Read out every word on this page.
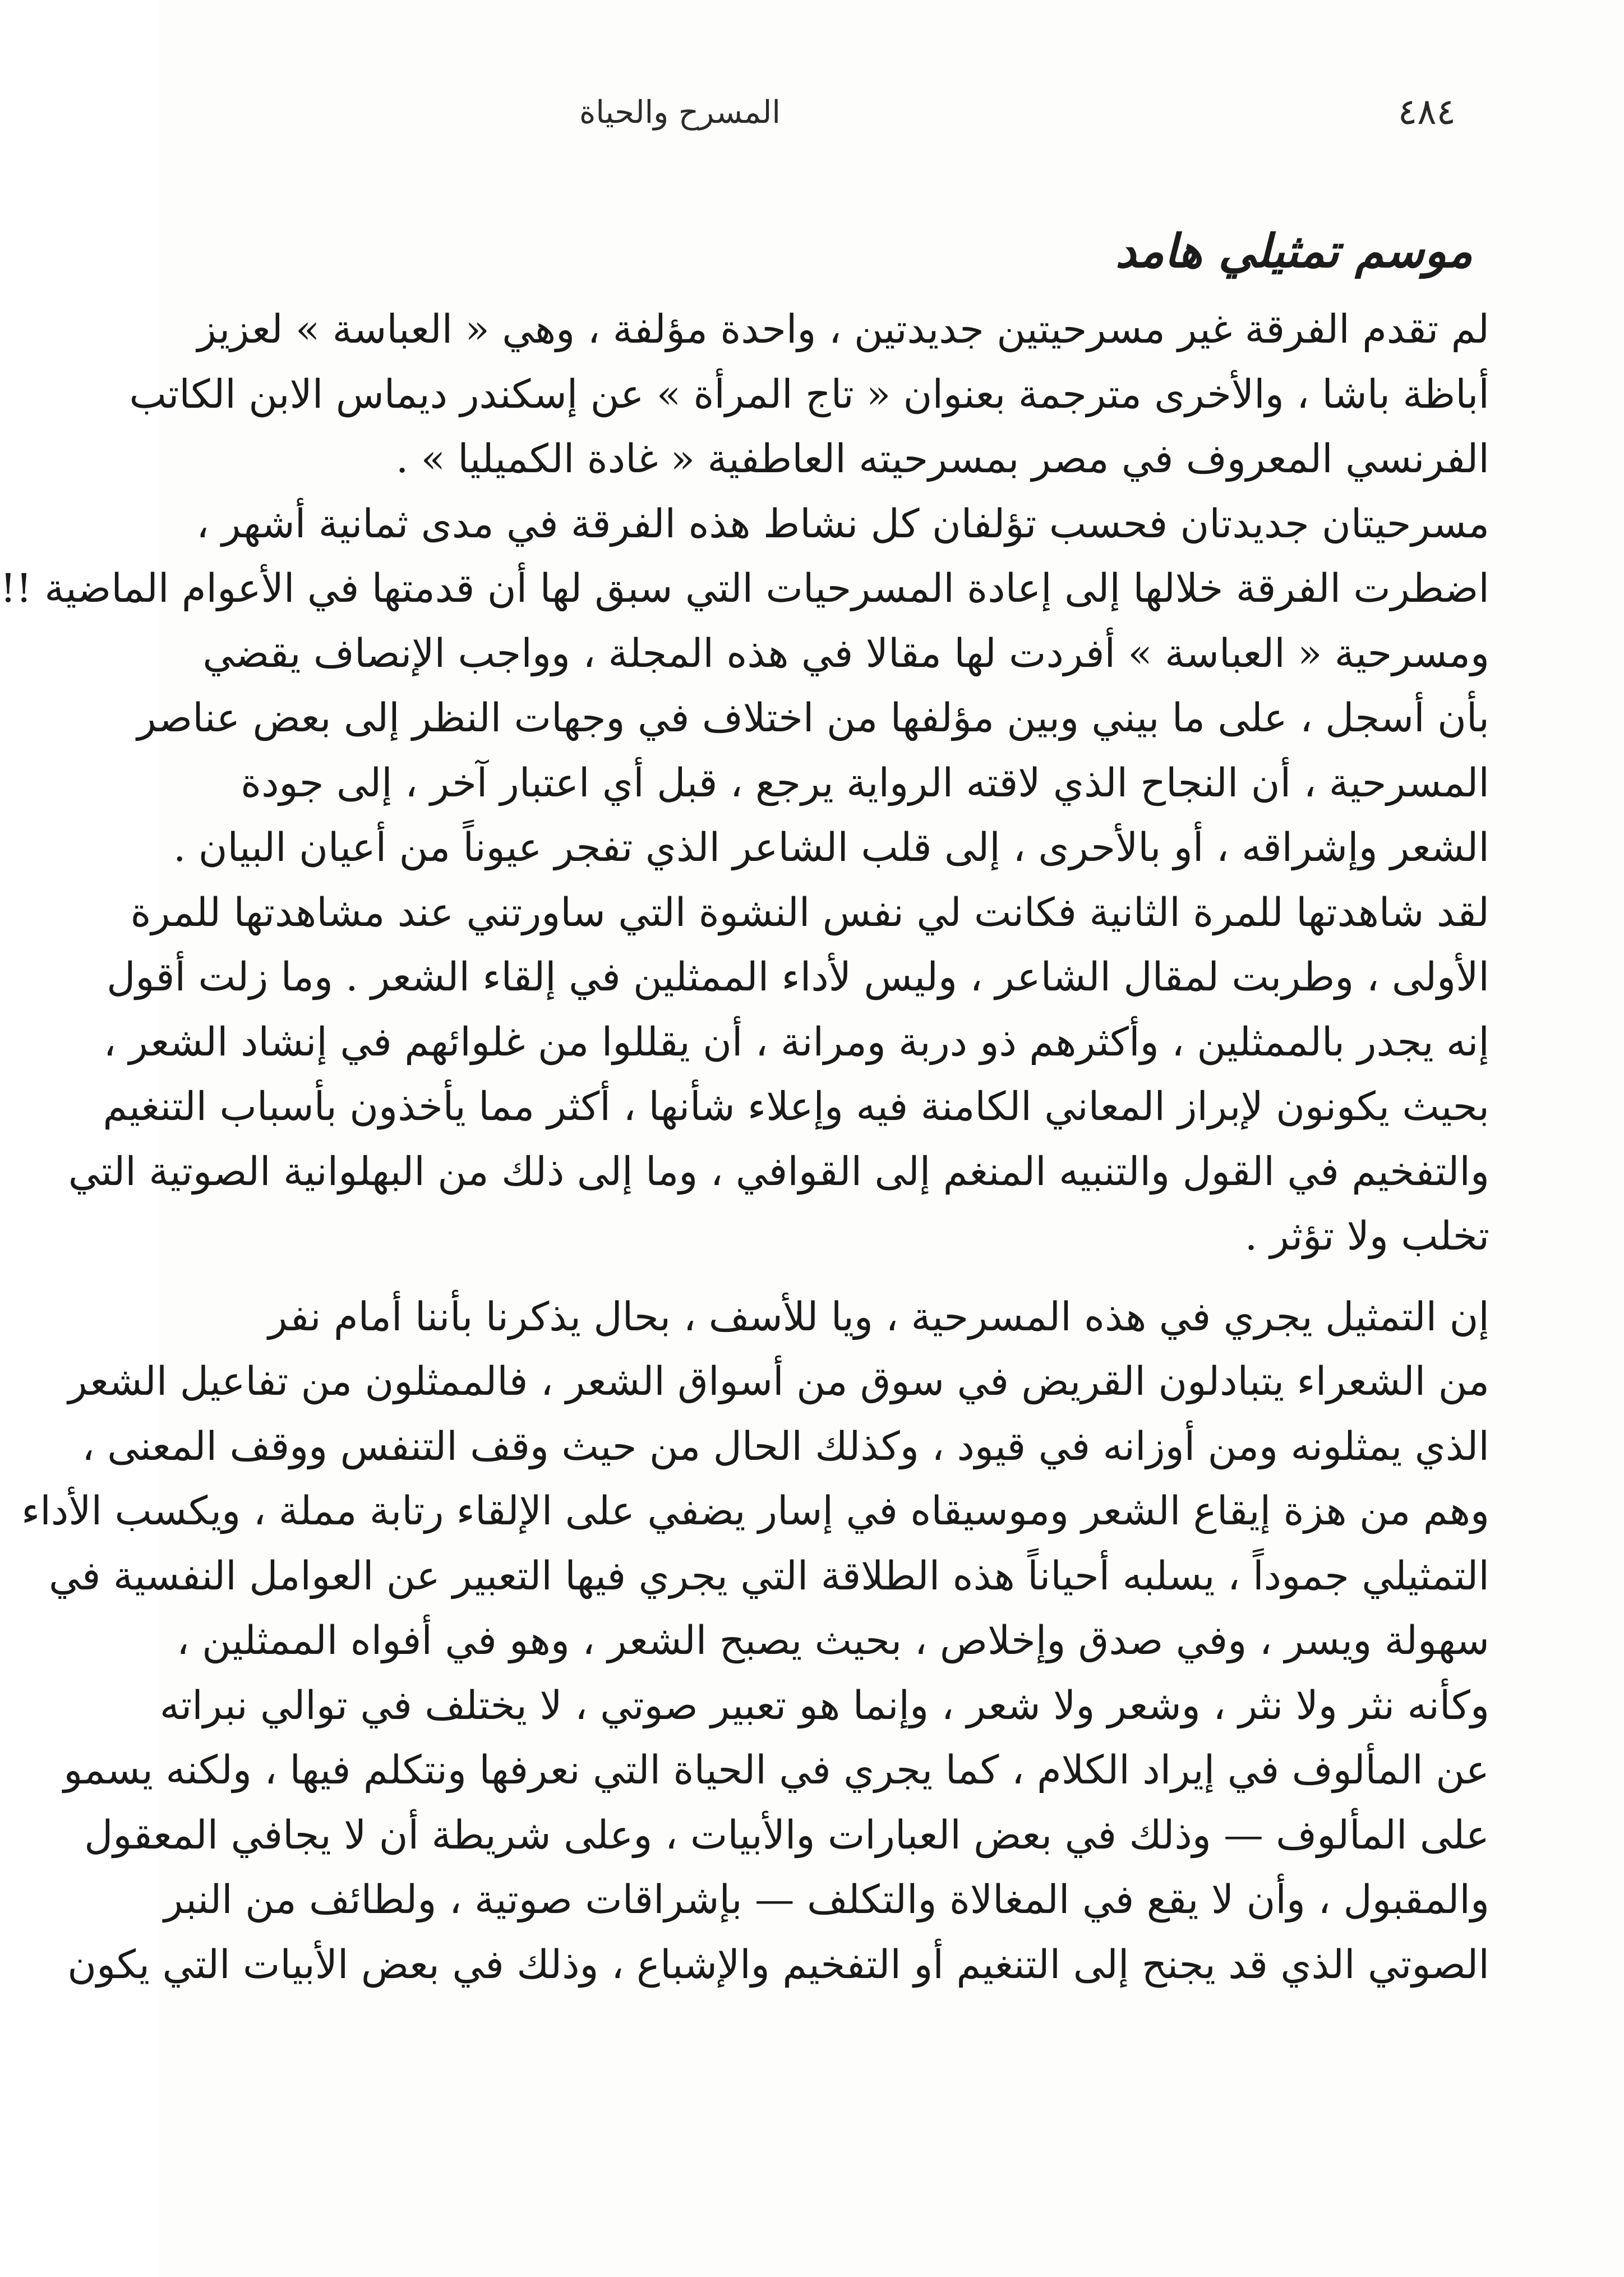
٤٨٤
المسرح والحياة
موسم تمثيلي هامد
لم تقدم الفرقة غير مسرحيتين جديدتين ، واحدة مؤلفة ، وهي « العباسة » لعزيز
أباظة باشا ، والأخرى مترجمة بعنوان « تاج المرأة » عن إسكندر ديماس الابن الكاتب
الفرنسي المعروف في مصر بمسرحيته العاطفية « غادة الكميليا » .
مسرحيتان جديدتان فحسب تؤلفان كل نشاط هذه الفرقة في مدى ثمانية أشهر ،
اضطرت الفرقة خلالها إلى إعادة المسرحيات التي سبق لها أن قدمتها في الأعوام الماضية !!
ومسرحية « العباسة » أفردت لها مقالا في هذه المجلة ، وواجب الإنصاف يقضي
بأن أسجل ، على ما بيني وبين مؤلفها من اختلاف في وجهات النظر إلى بعض عناصر
المسرحية ، أن النجاح الذي لاقته الرواية يرجع ، قبل أي اعتبار آخر ، إلى جودة
الشعر وإشراقه ، أو بالأحرى ، إلى قلب الشاعر الذي تفجر عيوناً من أعيان البيان .
لقد شاهدتها للمرة الثانية فكانت لي نفس النشوة التي ساورتني عند مشاهدتها للمرة
الأولى ، وطربت لمقال الشاعر ، وليس لأداء الممثلين في إلقاء الشعر . وما زلت أقول
إنه يجدر بالممثلين ، وأكثرهم ذو دربة ومرانة ، أن يقللوا من غلوائهم في إنشاد الشعر ،
بحيث يكونون لإبراز المعاني الكامنة فيه وإعلاء شأنها ، أكثر مما يأخذون بأسباب التنغيم
والتفخيم في القول والتنبيه المنغم إلى القوافي ، وما إلى ذلك من البهلوانية الصوتية التي
تخلب ولا تؤثر .
إن التمثيل يجري في هذه المسرحية ، ويا للأسف ، بحال يذكرنا بأننا أمام نفر
من الشعراء يتبادلون القريض في سوق من أسواق الشعر ، فالممثلون من تفاعيل الشعر
الذي يمثلونه ومن أوزانه في قيود ، وكذلك الحال من حيث وقف التنفس ووقف المعنى ،
وهم من هزة إيقاع الشعر وموسيقاه في إسار يضفي على الإلقاء رتابة مملة ، ويكسب الأداء
التمثيلي جموداً ، يسلبه أحياناً هذه الطلاقة التي يجري فيها التعبير عن العوامل النفسية في
سهولة ويسر ، وفي صدق وإخلاص ، بحيث يصبح الشعر ، وهو في أفواه الممثلين ،
وكأنه نثر ولا نثر ، وشعر ولا شعر ، وإنما هو تعبير صوتي ، لا يختلف في توالي نبراته
عن المألوف في إيراد الكلام ، كما يجري في الحياة التي نعرفها ونتكلم فيها ، ولكنه يسمو
على المألوف — وذلك في بعض العبارات والأبيات ، وعلى شريطة أن لا يجافي المعقول
والمقبول ، وأن لا يقع في المغالاة والتكلف — بإشراقات صوتية ، ولطائف من النبر
الصوتي الذي قد يجنح إلى التنغيم أو التفخيم والإشباع ، وذلك في بعض الأبيات التي يكون
